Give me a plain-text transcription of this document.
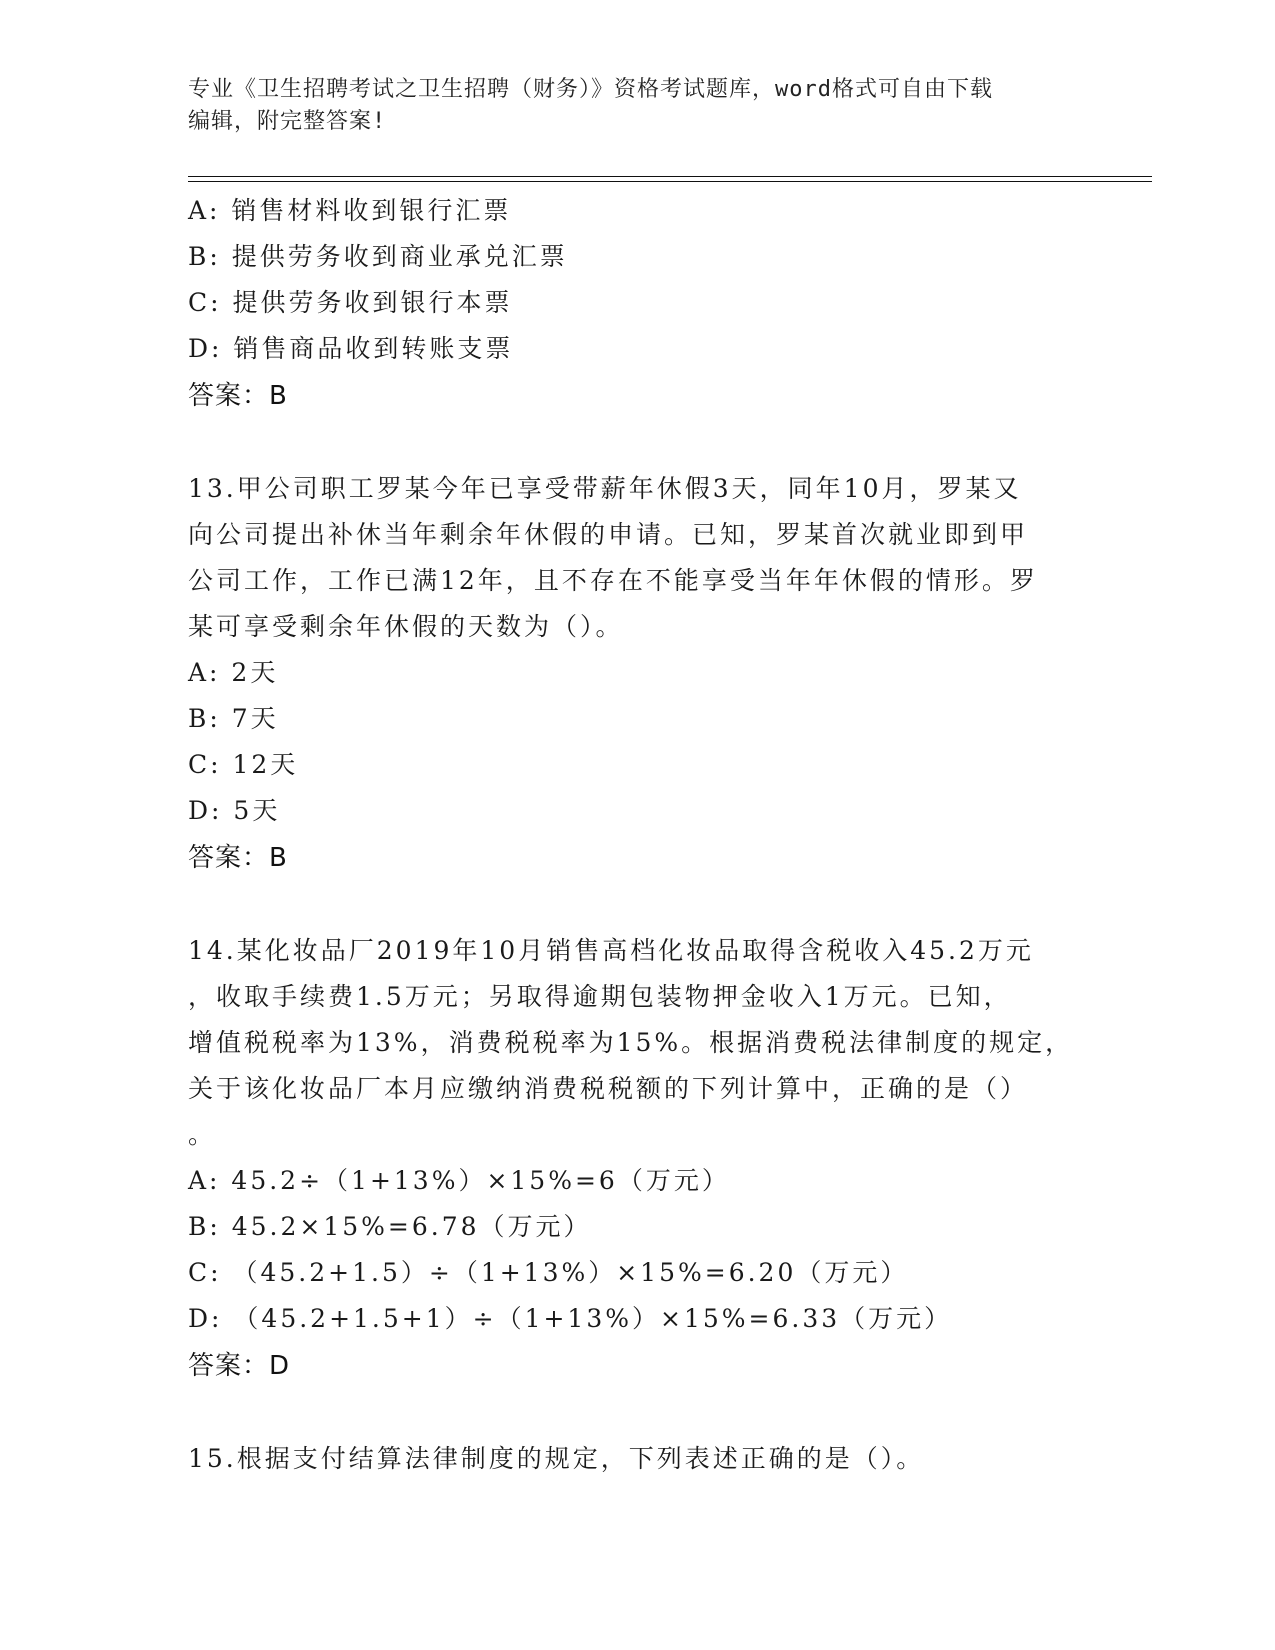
专业《卫生招聘考试之卫生招聘（财务）》资格考试题库，word格式可自由下载
编辑，附完整答案!
A: 销售材料收到银行汇票
B: 提供劳务收到商业承兑汇票
C: 提供劳务收到银行本票
D: 销售商品收到转账支票
答案：B
13.甲公司职工罗某今年已享受带薪年休假3天，同年10月，罗某又
向公司提出补休当年剩余年休假的申请。已知，罗某首次就业即到甲
公司工作，工作已满12年，且不存在不能享受当年年休假的情形。罗
某可享受剩余年休假的天数为（）。
A: 2天
B: 7天
C: 12天
D: 5天
答案：B
14.某化妆品厂2019年10月销售高档化妆品取得含税收入45.2万元
，收取手续费1.5万元；另取得逾期包装物押金收入1万元。已知，
增值税税率为13%，消费税税率为15%。根据消费税法律制度的规定，
关于该化妆品厂本月应缴纳消费税税额的下列计算中，正确的是（）
。
A: 45.2÷（1+13%）×15%=6（万元）
B: 45.2×15%=6.78（万元）
C: （45.2+1.5）÷（1+13%）×15%=6.20（万元）
D: （45.2+1.5+1）÷（1+13%）×15%=6.33（万元）
答案：D
15.根据支付结算法律制度的规定，下列表述正确的是（）。
